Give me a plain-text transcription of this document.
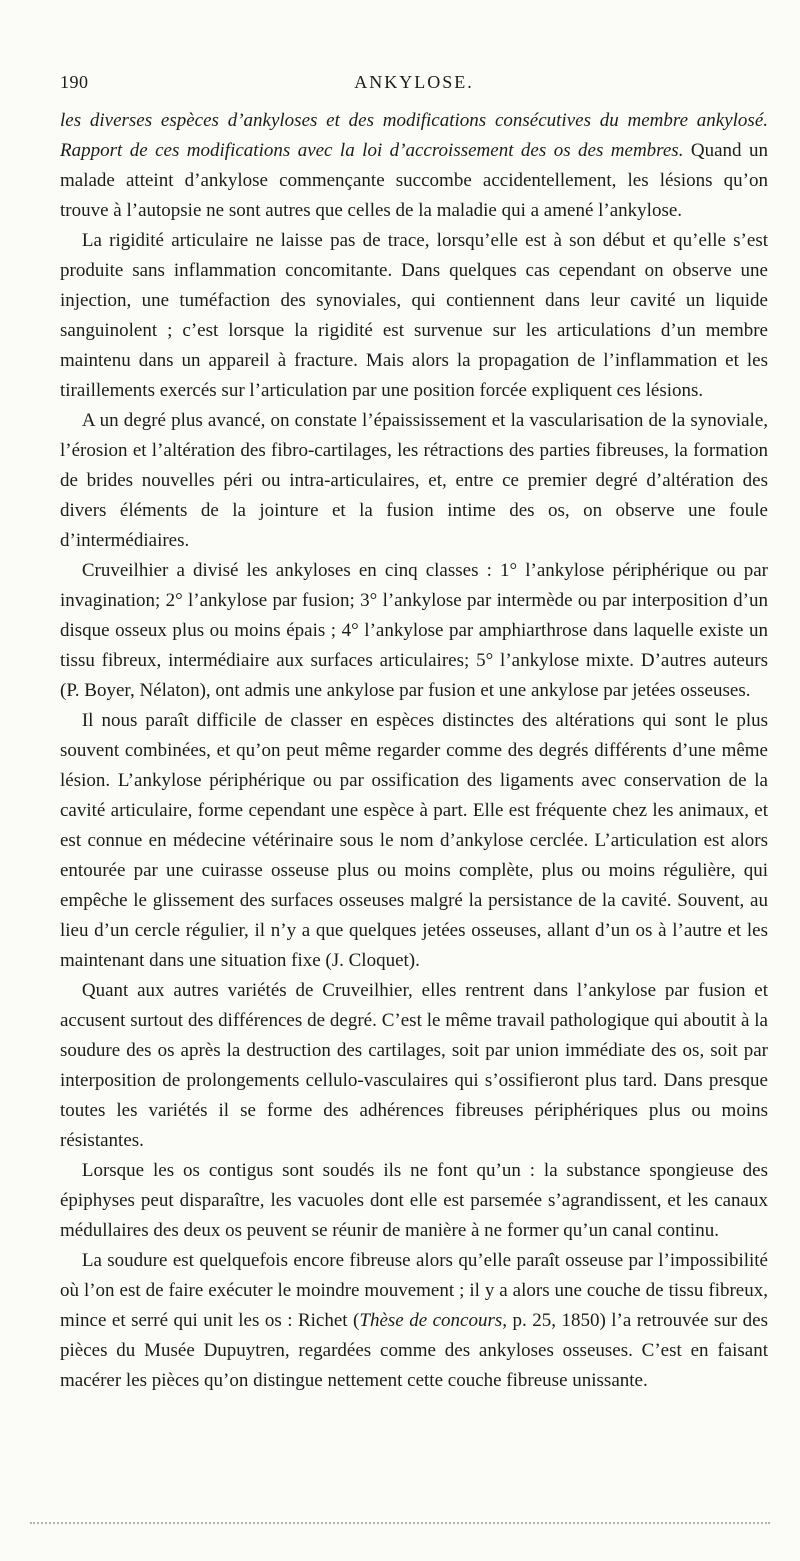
190	ANKYLOSE.

les diverses espèces d’ankyloses et des modifications consécutives du membre ankylosé. Rapport de ces modifications avec la loi d’accroissement des os des membres. Quand un malade atteint d’ankylose commençante succombe accidentellement, les lésions qu’on trouve à l’autopsie ne sont autres que celles de la maladie qui a amené l’ankylose.

La rigidité articulaire ne laisse pas de trace, lorsqu’elle est à son début et qu’elle s’est produite sans inflammation concomitante. Dans quelques cas cependant on observe une injection, une tuméfaction des synoviales, qui contiennent dans leur cavité un liquide sanguinolent ; c’est lorsque la rigidité est survenue sur les articulations d’un membre maintenu dans un appareil à fracture. Mais alors la propagation de l’inflammation et les tiraillements exercés sur l’articulation par une position forcée expliquent ces lésions.

A un degré plus avancé, on constate l’épaississement et la vascularisation de la synoviale, l’érosion et l’altération des fibro-cartilages, les rétractions des parties fibreuses, la formation de brides nouvelles péri ou intra-articulaires, et, entre ce premier degré d’altération des divers éléments de la jointure et la fusion intime des os, on observe une foule d’intermédiaires.

Cruveilhier a divisé les ankyloses en cinq classes : 1° l’ankylose périphérique ou par invagination; 2° l’ankylose par fusion; 3° l’ankylose par intermède ou par interposition d’un disque osseux plus ou moins épais ; 4° l’ankylose par amphiarthrose dans laquelle existe un tissu fibreux, intermédiaire aux surfaces articulaires; 5° l’ankylose mixte. D’autres auteurs (P. Boyer, Nélaton), ont admis une ankylose par fusion et une ankylose par jetées osseuses.

Il nous paraît difficile de classer en espèces distinctes des altérations qui sont le plus souvent combinées, et qu’on peut même regarder comme des degrés différents d’une même lésion. L’ankylose périphérique ou par ossification des ligaments avec conservation de la cavité articulaire, forme cependant une espèce à part. Elle est fréquente chez les animaux, et est connue en médecine vétérinaire sous le nom d’ankylose cerclée. L’articulation est alors entourée par une cuirasse osseuse plus ou moins complète, plus ou moins régulière, qui empêche le glissement des surfaces osseuses malgré la persistance de la cavité. Souvent, au lieu d’un cercle régulier, il n’y a que quelques jetées osseuses, allant d’un os à l’autre et les maintenant dans une situation fixe (J. Cloquet).

Quant aux autres variétés de Cruveilhier, elles rentrent dans l’ankylose par fusion et accusent surtout des différences de degré. C’est le même travail pathologique qui aboutit à la soudure des os après la destruction des cartilages, soit par union immédiate des os, soit par interposition de prolongements cellulo-vasculaires qui s’ossifieront plus tard. Dans presque toutes les variétés il se forme des adhérences fibreuses périphériques plus ou moins résistantes.

Lorsque les os contigus sont soudés ils ne font qu’un : la substance spongieuse des épiphyses peut disparaître, les vacuoles dont elle est parsemée s’agrandissent, et les canaux médullaires des deux os peuvent se réunir de manière à ne former qu’un canal continu.

La soudure est quelquefois encore fibreuse alors qu’elle paraît osseuse par l’impossibilité où l’on est de faire exécuter le moindre mouvement ; il y a alors une couche de tissu fibreux, mince et serré qui unit les os : Richet (Thèse de concours, p. 25, 1850) l’a retrouvée sur des pièces du Musée Dupuytren, regardées comme des ankyloses osseuses. C’est en faisant macérer les pièces qu’on distingue nettement cette couche fibreuse unissante.
